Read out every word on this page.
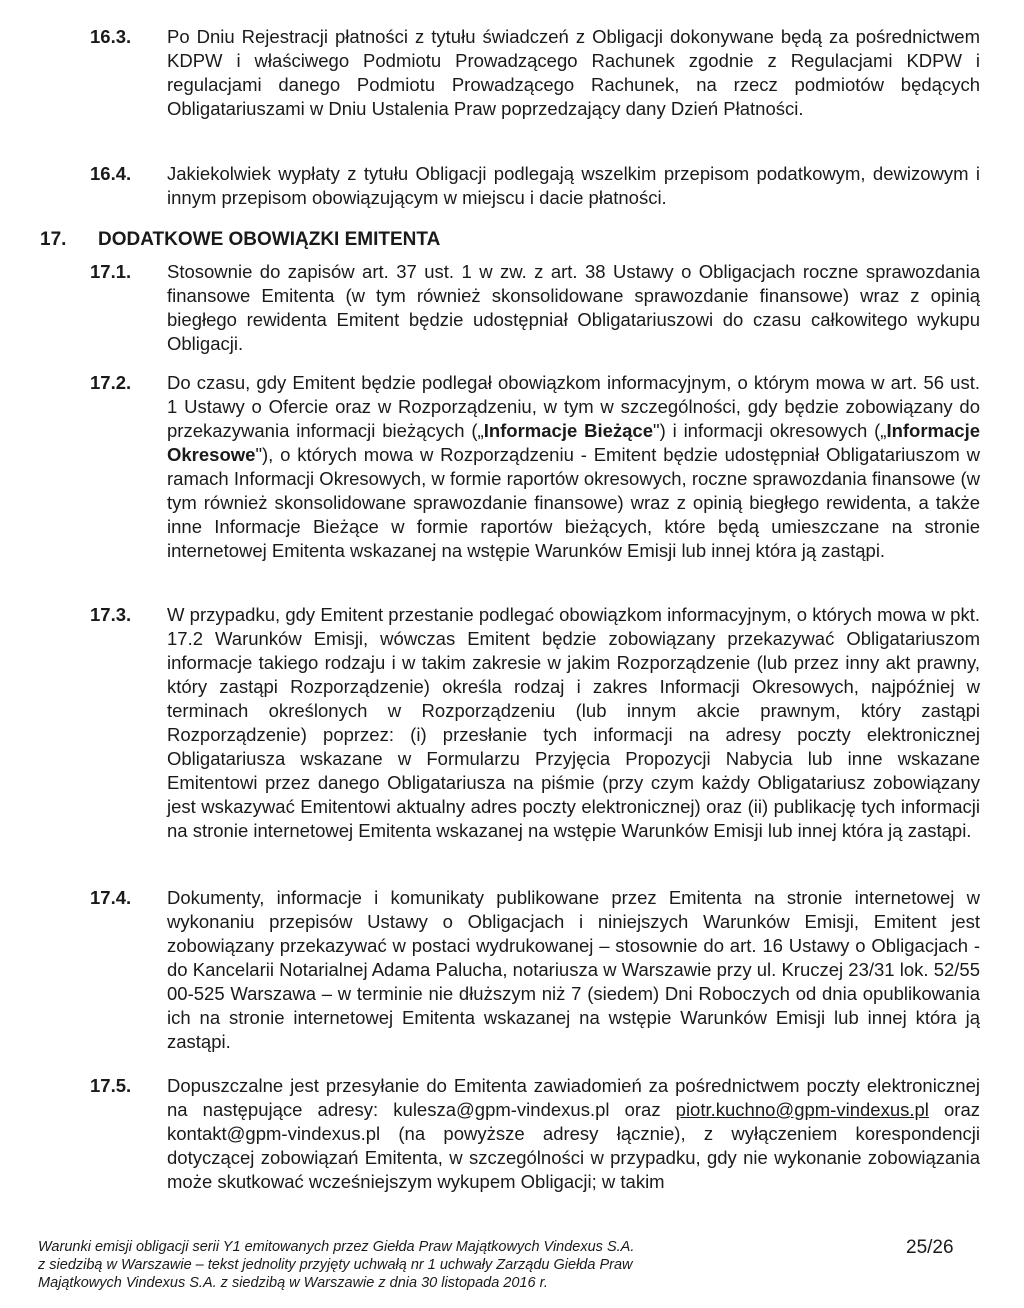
16.3. Po Dniu Rejestracji płatności z tytułu świadczeń z Obligacji dokonywane będą za pośrednictwem KDPW i właściwego Podmiotu Prowadzącego Rachunek zgodnie z Regulacjami KDPW i regulacjami danego Podmiotu Prowadzącego Rachunek, na rzecz podmiotów będących Obligatariuszami w Dniu Ustalenia Praw poprzedzający dany Dzień Płatności.
16.4. Jakiekolwiek wypłaty z tytułu Obligacji podlegają wszelkim przepisom podatkowym, dewizowym i innym przepisom obowiązującym w miejscu i dacie płatności.
17. DODATKOWE OBOWIĄZKI EMITENTA
17.1. Stosownie do zapisów art. 37 ust. 1 w zw. z art. 38 Ustawy o Obligacjach roczne sprawozdania finansowe Emitenta (w tym również skonsolidowane sprawozdanie finansowe) wraz z opinią biegłego rewidenta Emitent będzie udostępniał Obligatariuszowi do czasu całkowitego wykupu Obligacji.
17.2. Do czasu, gdy Emitent będzie podlegał obowiązkom informacyjnym, o którym mowa w art. 56 ust. 1 Ustawy o Ofercie oraz w Rozporządzeniu, w tym w szczególności, gdy będzie zobowiązany do przekazywania informacji bieżących („Informacje Bieżące") i informacji okresowych („Informacje Okresowe"), o których mowa w Rozporządzeniu - Emitent będzie udostępniał Obligatariuszom w ramach Informacji Okresowych, w formie raportów okresowych, roczne sprawozdania finansowe (w tym również skonsolidowane sprawozdanie finansowe) wraz z opinią biegłego rewidenta, a także inne Informacje Bieżące w formie raportów bieżących, które będą umieszczane na stronie internetowej Emitenta wskazanej na wstępie Warunków Emisji lub innej która ją zastąpi.
17.3. W przypadku, gdy Emitent przestanie podlegać obowiązkom informacyjnym, o których mowa w pkt. 17.2 Warunków Emisji, wówczas Emitent będzie zobowiązany przekazywać Obligatariuszom informacje takiego rodzaju i w takim zakresie w jakim Rozporządzenie (lub przez inny akt prawny, który zastąpi Rozporządzenie) określa rodzaj i zakres Informacji Okresowych, najpóźniej w terminach określonych w Rozporządzeniu (lub innym akcie prawnym, który zastąpi Rozporządzenie) poprzez: (i) przesłanie tych informacji na adresy poczty elektronicznej Obligatariusza wskazane w Formularzu Przyjęcia Propozycji Nabycia lub inne wskazane Emitentowi przez danego Obligatariusza na piśmie (przy czym każdy Obligatariusz zobowiązany jest wskazywać Emitentowi aktualny adres poczty elektronicznej) oraz (ii) publikację tych informacji na stronie internetowej Emitenta wskazanej na wstępie Warunków Emisji lub innej która ją zastąpi.
17.4. Dokumenty, informacje i komunikaty publikowane przez Emitenta na stronie internetowej w wykonaniu przepisów Ustawy o Obligacjach i niniejszych Warunków Emisji, Emitent jest zobowiązany przekazywać w postaci wydrukowanej – stosownie do art. 16 Ustawy o Obligacjach - do Kancelarii Notarialnej Adama Palucha, notariusza w Warszawie przy ul. Kruczej 23/31 lok. 52/55 00-525 Warszawa – w terminie nie dłuższym niż 7 (siedem) Dni Roboczych od dnia opublikowania ich na stronie internetowej Emitenta wskazanej na wstępie Warunków Emisji lub innej która ją zastąpi.
17.5. Dopuszczalne jest przesyłanie do Emitenta zawiadomień za pośrednictwem poczty elektronicznej na następujące adresy: kulesza@gpm-vindexus.pl oraz piotr.kuchno@gpm-vindexus.pl oraz kontakt@gpm-vindexus.pl (na powyższe adresy łącznie), z wyłączeniem korespondencji dotyczącej zobowiązań Emitenta, w szczególności w przypadku, gdy nie wykonanie zobowiązania może skutkować wcześniejszym wykupem Obligacji; w takim
Warunki emisji obligacji serii Y1 emitowanych przez Giełda Praw Majątkowych Vindexus S.A.
z siedzibą w Warszawie – tekst jednolity przyjęty uchwałą nr 1 uchwały Zarządu Giełda Praw
Majątkowych Vindexus S.A. z siedzibą w Warszawie z dnia 30 listopada 2016 r.
25/26
